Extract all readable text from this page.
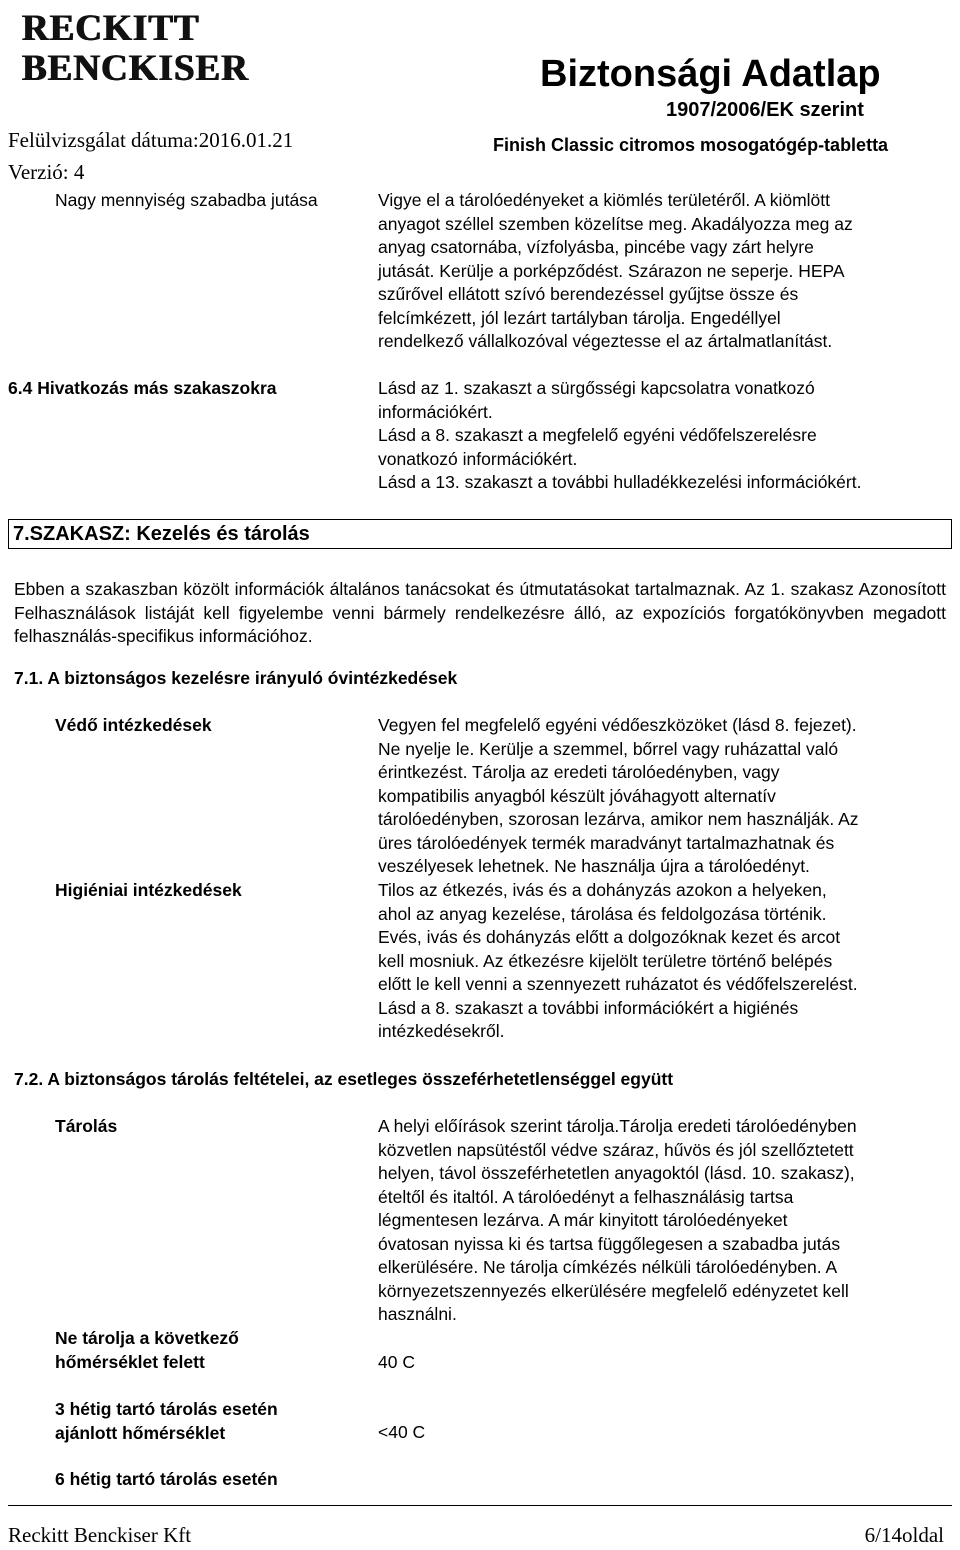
RECKITT
BENCKISER	Biztonsági Adatlap
1907/2006/EK szerint
Finish Classic citromos mosogatógép-tabletta
Felülvizsgálat dátuma:2016.01.21
Verzió: 4
Nagy mennyiség szabadba jutása	Vigye el a tárolóedényeket a kiömlés területéről. A kiömlött
anyagot széllel szemben közelítse meg. Akadályozza meg az
anyag csatornába, vízfolyásba, pincébe vagy zárt helyre
jutását. Kerülje a porképződést. Szárazon ne seperje. HEPA
szűrővel ellátott szívó berendezéssel gyűjtse össze és
felcímkézett, jól lezárt tartályban tárolja. Engedéllyel
rendelkező vállalkozóval végeztesse el az ártalmatlanítást.
6.4 Hivatkozás más szakaszokra	Lásd az 1. szakaszt a sürgősségi kapcsolatra vonatkozó
információkért.
Lásd a 8. szakaszt a megfelelő egyéni védőfelszerelésre
vonatkozó információkért.
Lásd a 13. szakaszt a további hulladékkezelési információkért.
7.SZAKASZ: Kezelés és tárolás
Ebben a szakaszban közölt információk általános tanácsokat és útmutatásokat tartalmaznak. Az 1. szakasz Azonosított Felhasználások listáját kell figyelembe venni bármely rendelkezésre álló, az expozíciós forgatókönyvben megadott felhasználás-specifikus információhoz.
7.1. A biztonságos kezelésre irányuló óvintézkedések
Védő intézkedések	Vegyen fel megfelelő egyéni védőeszközöket (lásd 8. fejezet).
Ne nyelje le. Kerülje a szemmel, bőrrel vagy ruházattal való
érintkezést. Tárolja az eredeti tárolóedényben, vagy
kompatibilis anyagból készült jóváhagyott alternatív
tárolóedényben, szorosan lezárva, amikor nem használják. Az
üres tárolóedények termék maradványt tartalmazhatnak és
veszélyesek lehetnek. Ne használja újra a tárolóedényt.
Higiéniai intézkedések	Tilos az étkezés, ivás és a dohányzás azokon a helyeken,
ahol az anyag kezelése, tárolása és feldolgozása történik.
Evés, ivás és dohányzás előtt a dolgozóknak kezet és arcot
kell mosniuk. Az étkezésre kijelölt területre történő belépés
előtt le kell venni a szennyezett ruházatot és védőfelszerelést.
Lásd a 8. szakaszt a további információkért a higiénés
intézkedésekről.
7.2. A biztonságos tárolás feltételei, az esetleges összeférhetetlenséggel együtt
Tárolás	A helyi előírások szerint tárolja.Tárolja eredeti tárolóedényben
közvetlen napsütéstől védve száraz, hűvös és jól szellőztetett
helyen, távol összeférhetetlen anyagoktól (lásd. 10. szakasz),
ételtől és italtól. A tárolóedényt a felhasználásig tartsa
légmentesen lezárva. A már kinyitott tárolóedényeket
óvatosan nyissa ki és tartsa függőlegesen a szabadba jutás
elkerülésére. Ne tárolja címkézés nélküli tárolóedényben. A
környezetszennyezés elkerülésére megfelelő edényzetet kell
használni.
Ne tárolja a következő
hőmérséklet felett	40 C
3 hétig tartó tárolás esetén
ajánlott hőmérséklet	<40 C
6 hétig tartó tárolás esetén
Reckitt Benckiser Kft	6/14oldal
